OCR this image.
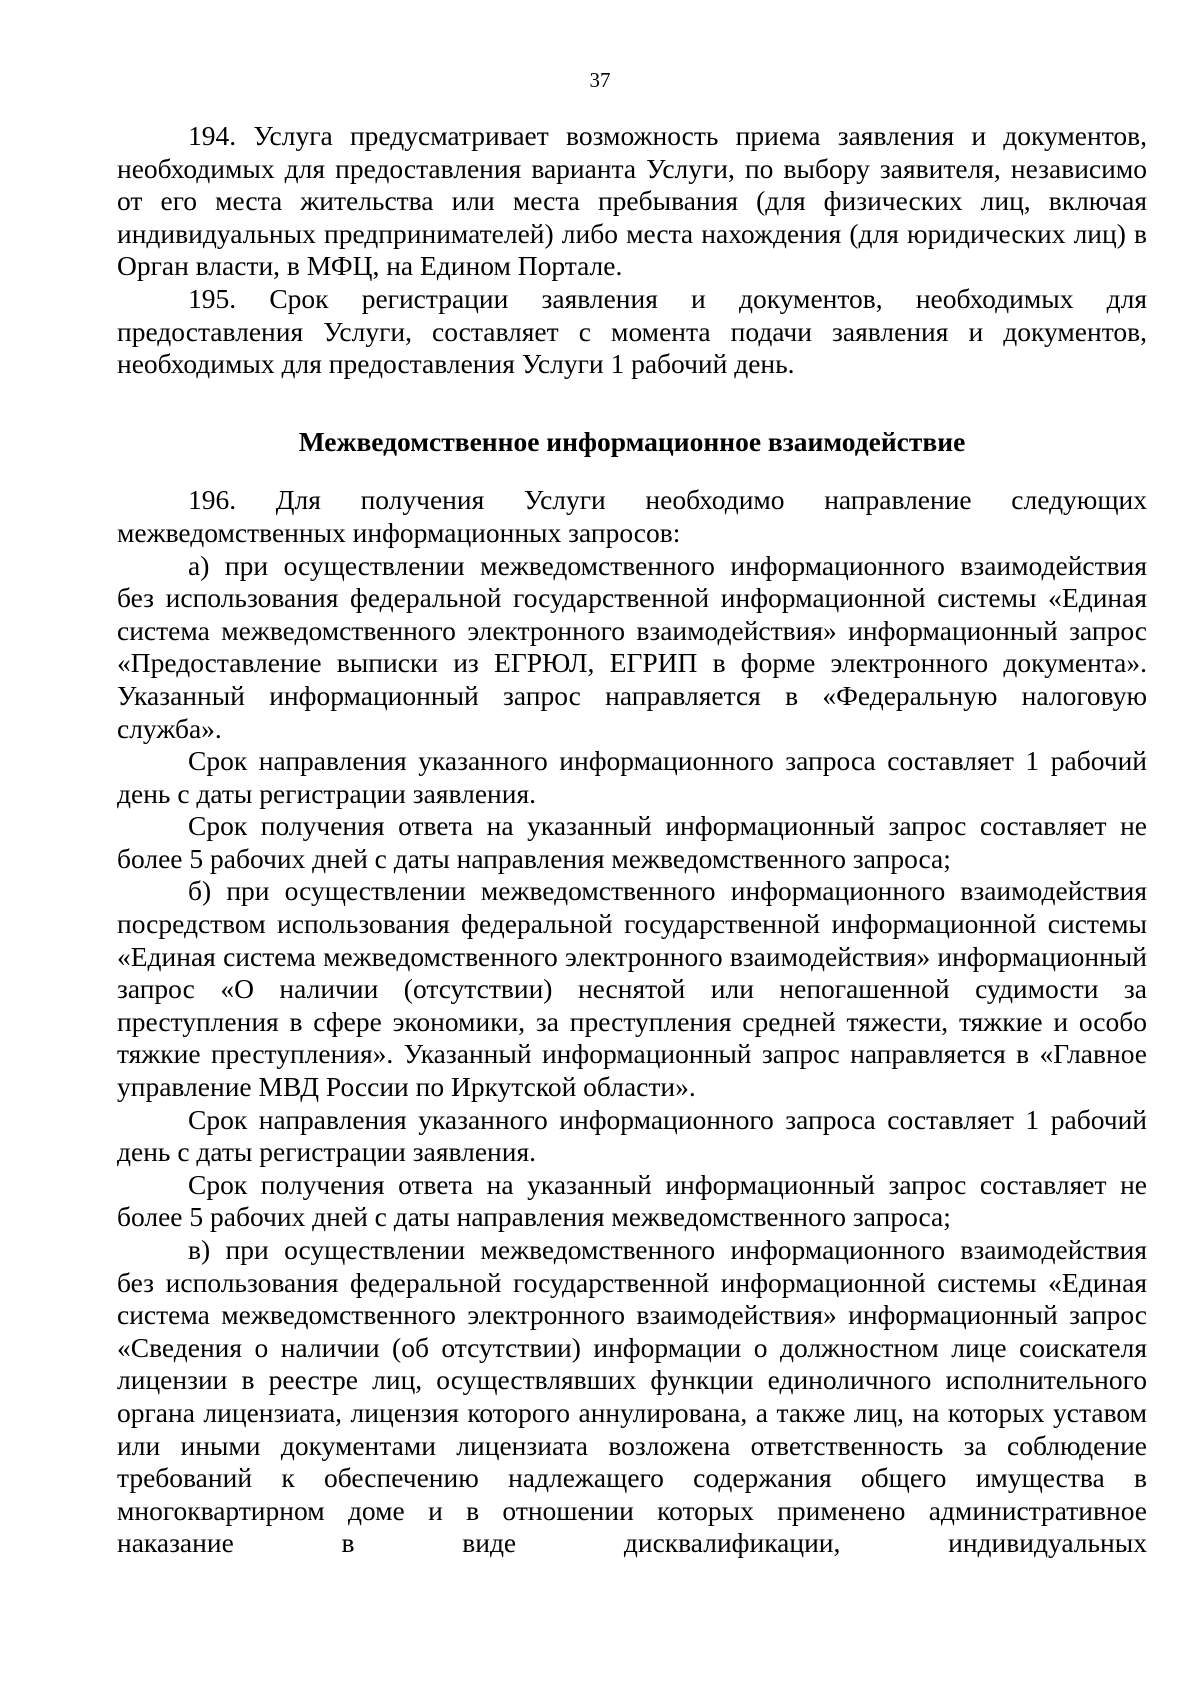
37

194. Услуга предусматривает возможность приема заявления и документов, необходимых для предоставления варианта Услуги, по выбору заявителя, независимо от его места жительства или места пребывания (для физических лиц, включая индивидуальных предпринимателей) либо места нахождения (для юридических лиц) в Орган власти, в МФЦ, на Едином Портале.

195. Срок регистрации заявления и документов, необходимых для предоставления Услуги, составляет с момента подачи заявления и документов, необходимых для предоставления Услуги 1 рабочий день.

Межведомственное информационное взаимодействие

196. Для получения Услуги необходимо направление следующих межведомственных информационных запросов:

а) при осуществлении межведомственного информационного взаимодействия без использования федеральной государственной информационной системы «Единая система межведомственного электронного взаимодействия» информационный запрос «Предоставление выписки из ЕГРЮЛ, ЕГРИП в форме электронного документа». Указанный информационный запрос направляется в «Федеральную налоговую служба».

Срок направления указанного информационного запроса составляет 1 рабочий день с даты регистрации заявления.

Срок получения ответа на указанный информационный запрос составляет не более 5 рабочих дней с даты направления межведомственного запроса;

б) при осуществлении межведомственного информационного взаимодействия посредством использования федеральной государственной информационной системы «Единая система межведомственного электронного взаимодействия» информационный запрос «О наличии (отсутствии) неснятой или непогашенной судимости за преступления в сфере экономики, за преступления средней тяжести, тяжкие и особо тяжкие преступления». Указанный информационный запрос направляется в «Главное управление МВД России по Иркутской области».

Срок направления указанного информационного запроса составляет 1 рабочий день с даты регистрации заявления.

Срок получения ответа на указанный информационный запрос составляет не более 5 рабочих дней с даты направления межведомственного запроса;

в) при осуществлении межведомственного информационного взаимодействия без использования федеральной государственной информационной системы «Единая система межведомственного электронного взаимодействия» информационный запрос «Сведения о наличии (об отсутствии) информации о должностном лице соискателя лицензии в реестре лиц, осуществлявших функции единоличного исполнительного органа лицензиата, лицензия которого аннулирована, а также лиц, на которых уставом или иными документами лицензиата возложена ответственность за соблюдение требований к обеспечению надлежащего содержания общего имущества в многоквартирном доме и в отношении которых применено административное наказание в виде дисквалификации, индивидуальных
